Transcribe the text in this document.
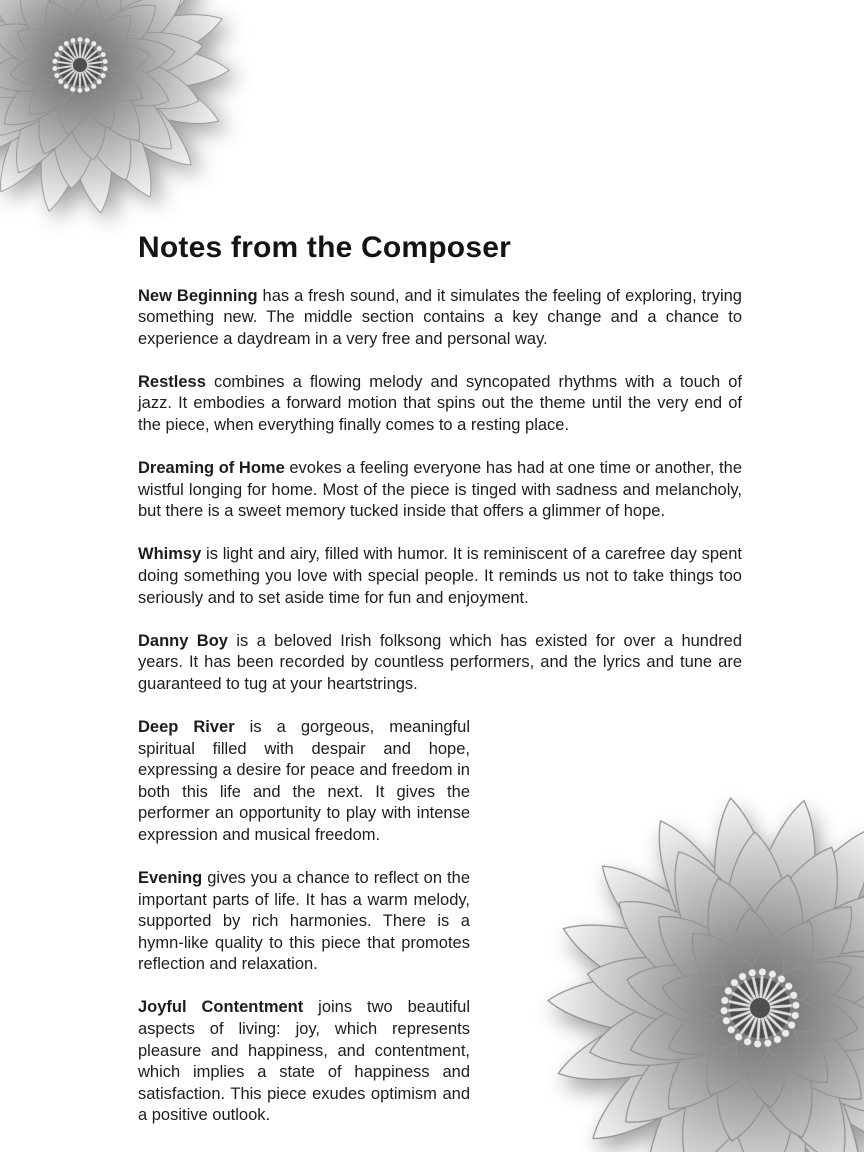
Notes from the Composer

New Beginning has a fresh sound, and it simulates the feeling of exploring, trying something new. The middle section contains a key change and a chance to experience a daydream in a very free and personal way.

Restless combines a flowing melody and syncopated rhythms with a touch of jazz. It embodies a forward motion that spins out the theme until the very end of the piece, when everything finally comes to a resting place.

Dreaming of Home evokes a feeling everyone has had at one time or another, the wistful longing for home. Most of the piece is tinged with sadness and melancholy, but there is a sweet memory tucked inside that offers a glimmer of hope.

Whimsy is light and airy, filled with humor. It is reminiscent of a carefree day spent doing something you love with special people. It reminds us not to take things too seriously and to set aside time for fun and enjoyment.

Danny Boy is a beloved Irish folksong which has existed for over a hundred years. It has been recorded by countless performers, and the lyrics and tune are guaranteed to tug at your heartstrings.

Deep River is a gorgeous, meaningful spiritual filled with despair and hope, expressing a desire for peace and freedom in both this life and the next. It gives the performer an opportunity to play with intense expression and musical freedom.

Evening gives you a chance to reflect on the important parts of life. It has a warm melody, supported by rich harmonies. There is a hymn-like quality to this piece that promotes reflection and relaxation.

Joyful Contentment joins two beautiful aspects of living: joy, which represents pleasure and happiness, and contentment, which implies a state of happiness and satisfaction. This piece exudes optimism and a positive outlook.
